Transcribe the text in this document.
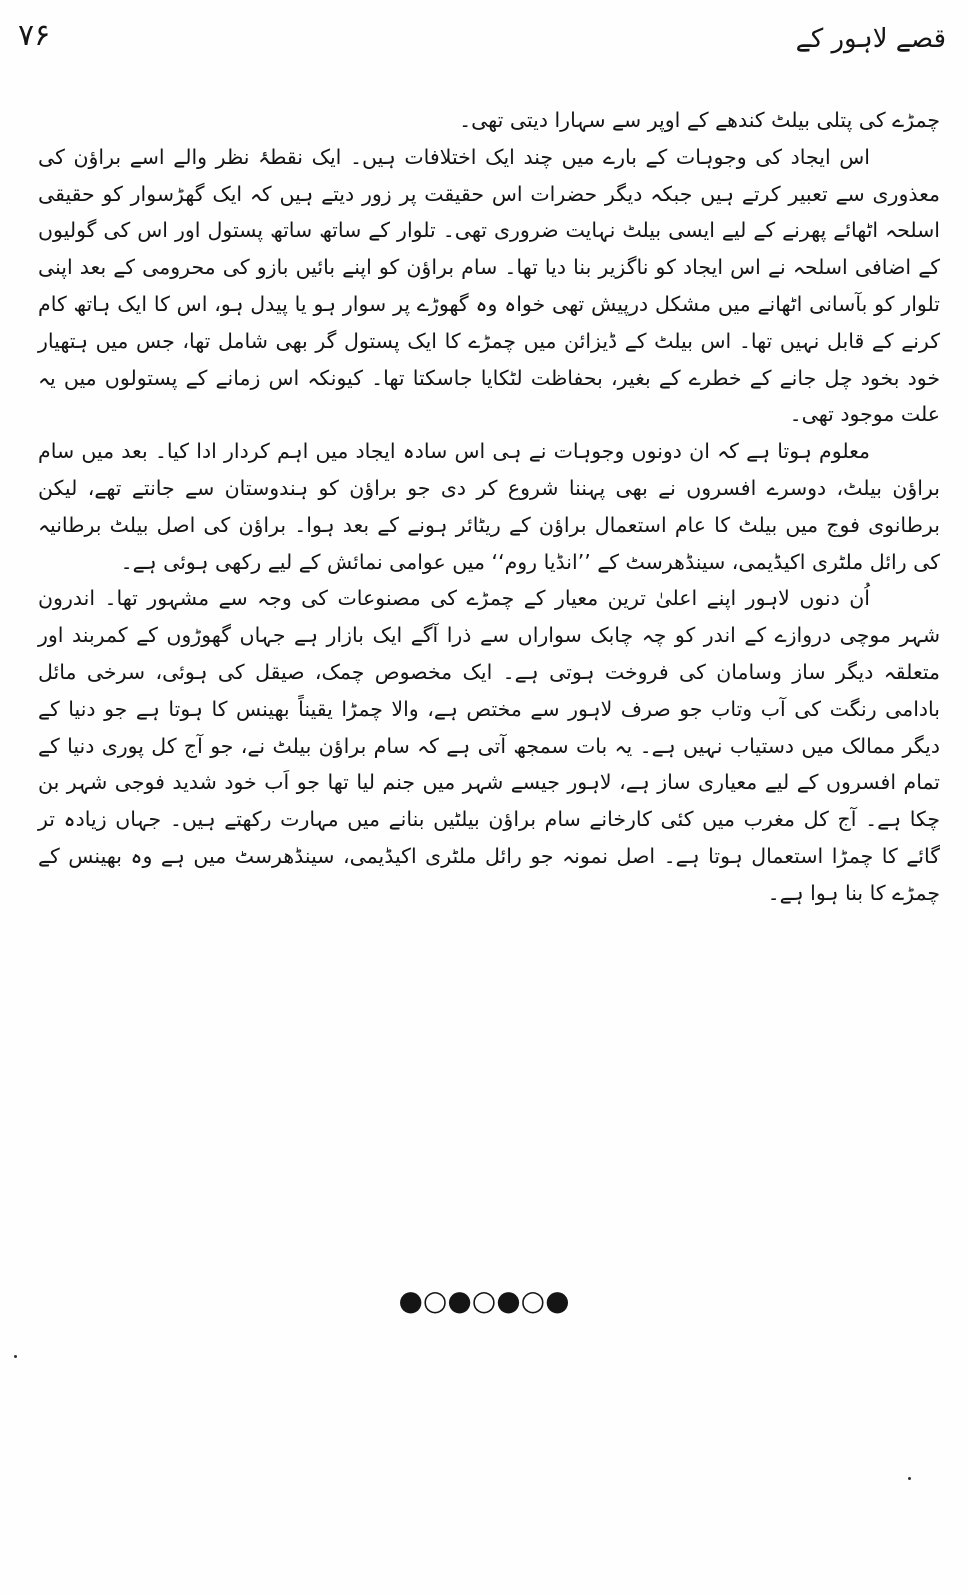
قصے لاہور کے
۷۶

چمڑے کی پتلی بیلٹ کندھے کے اوپر سے سہارا دیتی تھی۔

اس ایجاد کی وجوہات کے بارے میں چند ایک اختلافات ہیں۔ ایک نقطۂ نظر والے اسے براؤن کی معذوری سے تعبیر کرتے ہیں جبکہ دیگر حضرات اس حقیقت پر زور دیتے ہیں کہ ایک گھڑسوار کو حقیقی اسلحہ اٹھائے پھرنے کے لیے ایسی بیلٹ نہایت ضروری تھی۔ تلوار کے ساتھ ساتھ پستول اور اس کی گولیوں کے اضافی اسلحہ نے اس ایجاد کو ناگزیر بنا دیا تھا۔ سام براؤن کو اپنے بائیں بازو کی محرومی کے بعد اپنی تلوار کو بآسانی اٹھانے میں مشکل درپیش تھی خواہ وہ گھوڑے پر سوار ہو یا پیدل ہو، اس کا ایک ہاتھ کام کرنے کے قابل نہیں تھا۔ اس بیلٹ کے ڈیزائن میں چمڑے کا ایک پستول گر بھی شامل تھا، جس میں ہتھیار خود بخود چل جانے کے خطرے کے بغیر، بحفاظت لٹکایا جاسکتا تھا۔ کیونکہ اس زمانے کے پستولوں میں یہ علت موجود تھی۔

معلوم ہوتا ہے کہ ان دونوں وجوہات نے ہی اس سادہ ایجاد میں اہم کردار ادا کیا۔ بعد میں سام براؤن بیلٹ، دوسرے افسروں نے بھی پہننا شروع کر دی جو براؤن کو ہندوستان سے جانتے تھے، لیکن برطانوی فوج میں بیلٹ کا عام استعمال براؤن کے ریٹائر ہونے کے بعد ہوا۔ براؤن کی اصل بیلٹ برطانیہ کی رائل ملٹری اکیڈیمی، سینڈھرسٹ کے ’’انڈیا روم‘‘ میں عوامی نمائش کے لیے رکھی ہوئی ہے۔

اُن دنوں لاہور اپنے اعلیٰ ترین معیار کے چمڑے کی مصنوعات کی وجہ سے مشہور تھا۔ اندرون شہر موچی دروازے کے اندر کو چہ چابک سواراں سے ذرا آگے ایک بازار ہے جہاں گھوڑوں کے کمربند اور متعلقہ دیگر ساز وسامان کی فروخت ہوتی ہے۔ ایک مخصوص چمک، صیقل کی ہوئی، سرخی مائل بادامی رنگت کی آب وتاب جو صرف لاہور سے مختص ہے، والا چمڑا یقیناً بھینس کا ہوتا ہے جو دنیا کے دیگر ممالک میں دستیاب نہیں ہے۔ یہ بات سمجھ آتی ہے کہ سام براؤن بیلٹ نے، جو آج کل پوری دنیا کے تمام افسروں کے لیے معیاری ساز ہے، لاہور جیسے شہر میں جنم لیا تھا جو اَب خود شدید فوجی شہر بن چکا ہے۔ آج کل مغرب میں کئی کارخانے سام براؤن بیلٹیں بنانے میں مہارت رکھتے ہیں۔ جہاں زیادہ تر گائے کا چمڑا استعمال ہوتا ہے۔ اصل نمونہ جو رائل ملٹری اکیڈیمی، سینڈھرسٹ میں ہے وہ بھینس کے چمڑے کا بنا ہوا ہے۔

●○●○●○●
